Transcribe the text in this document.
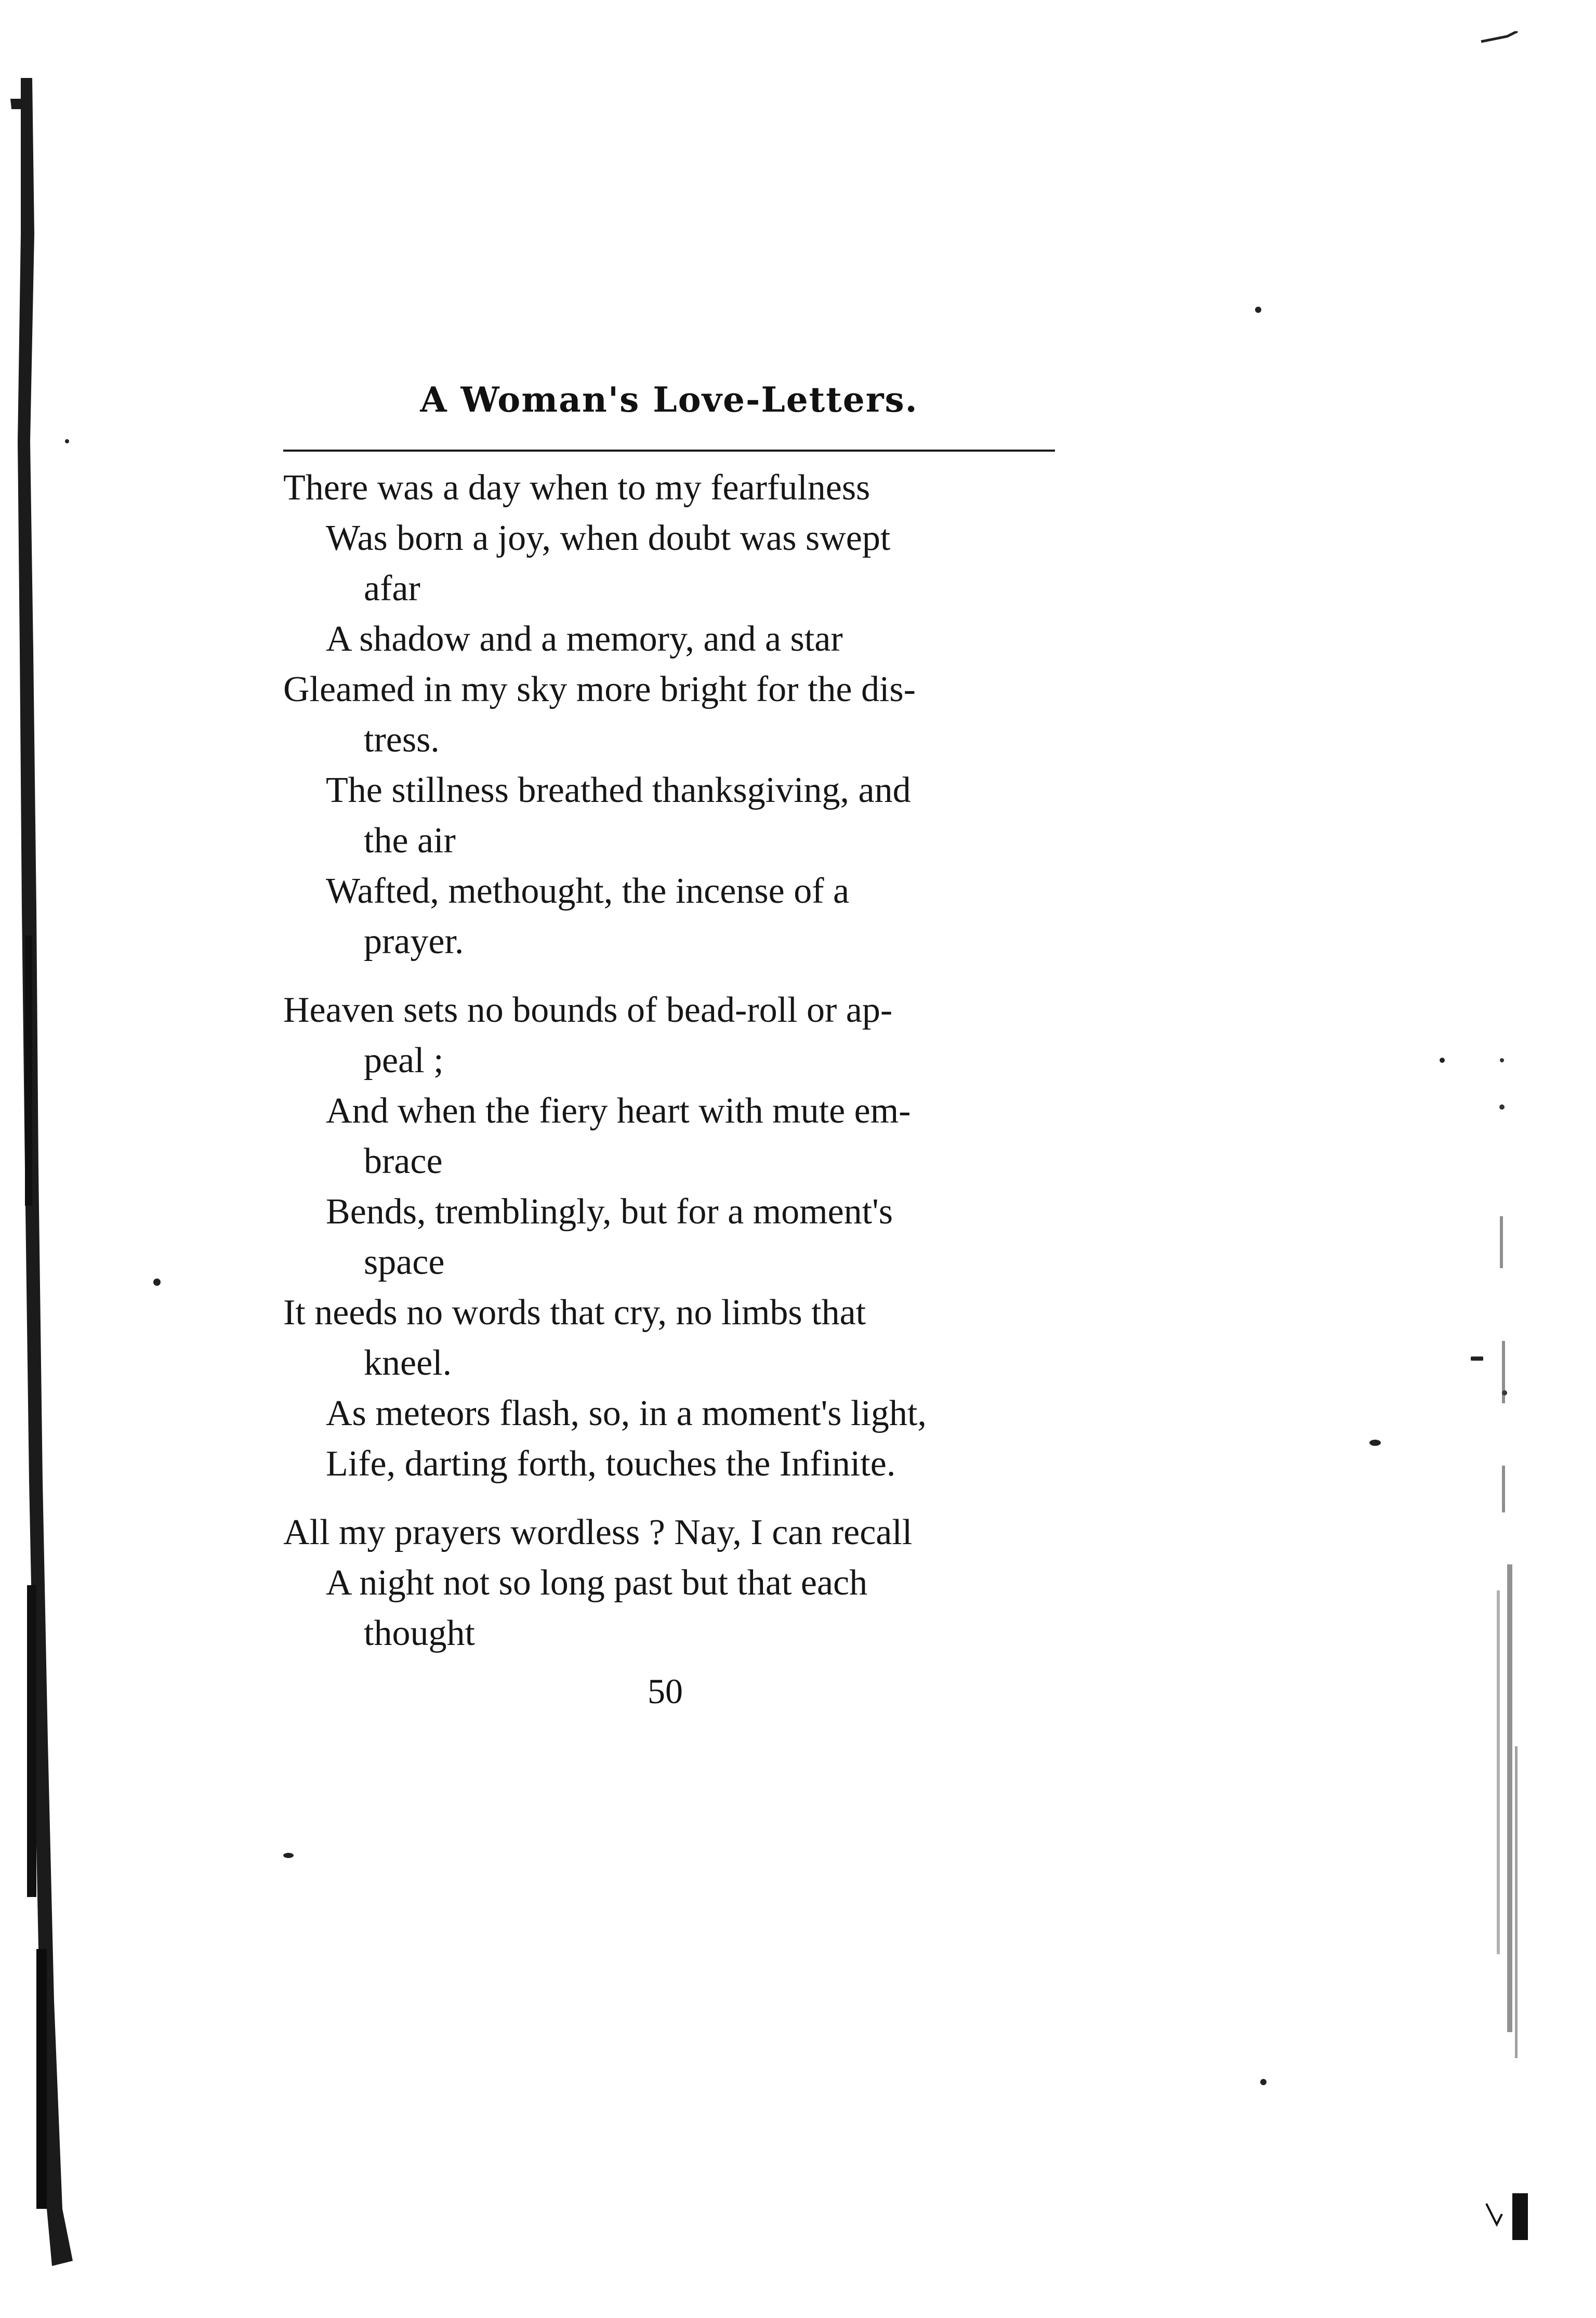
A Woman's Love-Letters.
There was a day when to my fearfulness
Was born a joy, when doubt was swept
afar
A shadow and a memory, and a star
Gleamed in my sky more bright for the dis-
tress.
The stillness breathed thanksgiving, and
the air
Wafted, methought, the incense of a
prayer.
Heaven sets no bounds of bead-roll or ap-
peal ;
And when the fiery heart with mute em-
brace
Bends, tremblingly, but for a moment's
space
It needs no words that cry, no limbs that
kneel.
As meteors flash, so, in a moment's light,
Life, darting forth, touches the Infinite.
All my prayers wordless ? Nay, I can recall
A night not so long past but that each
thought
50
